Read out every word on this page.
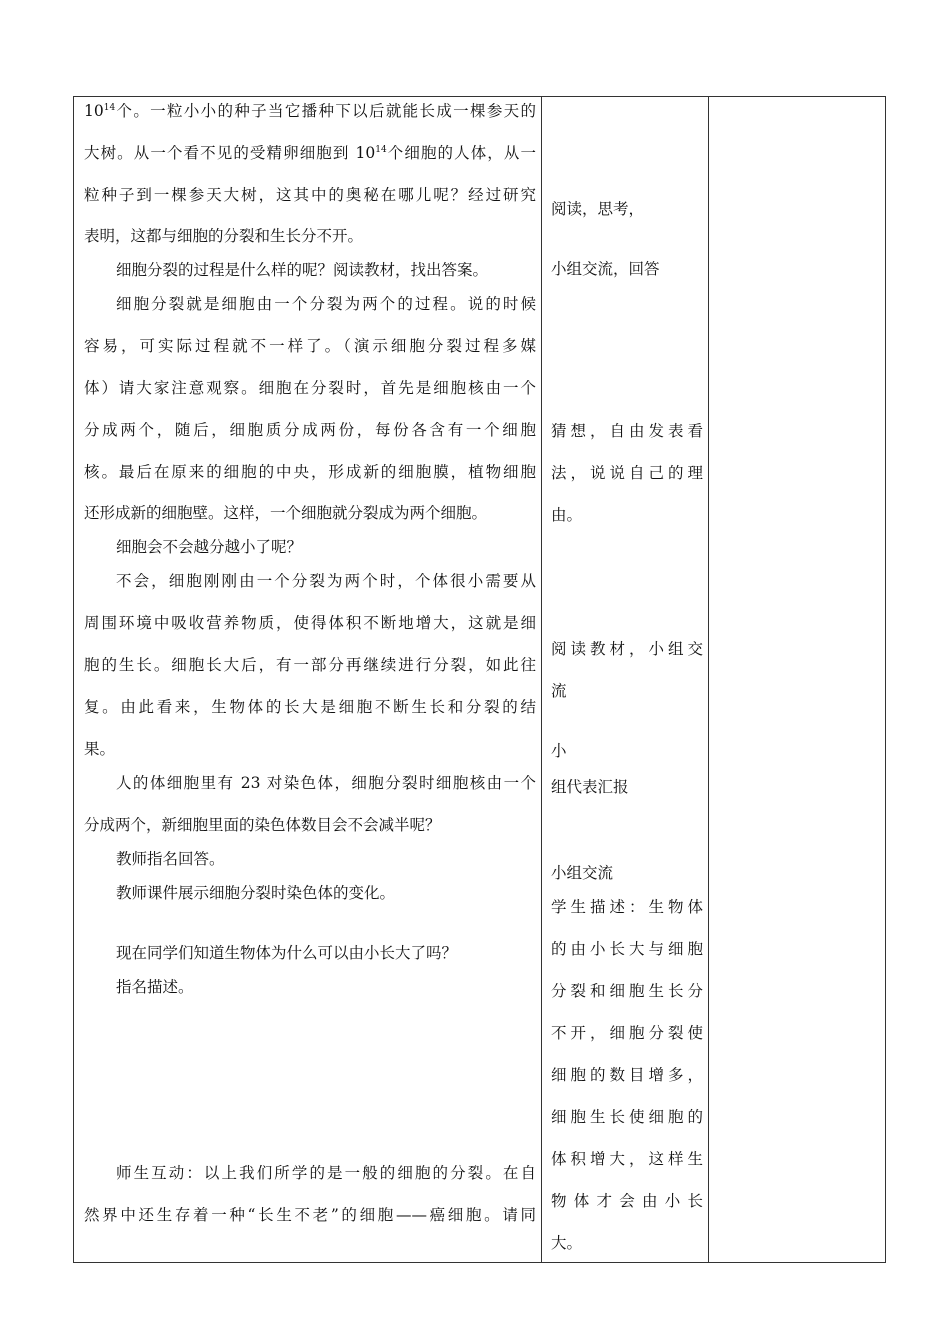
$10^{14}$个。一粒小小的种子当它播种下以后就能长成一棵参天的
大树。从一个看不见的受精卵细胞到 $10^{14}$个细胞的人体，从一
粒种子到一棵参天大树，这其中的奥秘在哪儿呢？经过研究
表明，这都与细胞的分裂和生长分不开。
细胞分裂的过程是什么样的呢？阅读教材，找出答案。
细胞分裂就是细胞由一个分裂为两个的过程。说的时候
容易，可实际过程就不一样了。（演示细胞分裂过程多媒
体）请大家注意观察。细胞在分裂时，首先是细胞核由一个
分成两个，随后，细胞质分成两份，每份各含有一个细胞
核。最后在原来的细胞的中央，形成新的细胞膜，植物细胞
还形成新的细胞壁。这样，一个细胞就分裂成为两个细胞。
细胞会不会越分越小了呢？
不会，细胞刚刚由一个分裂为两个时，个体很小需要从
周围环境中吸收营养物质，使得体积不断地增大，这就是细
胞的生长。细胞长大后，有一部分再继续进行分裂，如此往
复。由此看来，生物体的长大是细胞不断生长和分裂的结
果。
人的体细胞里有 23 对染色体，细胞分裂时细胞核由一个
分成两个，新细胞里面的染色体数目会不会减半呢？
教师指名回答。
教师课件展示细胞分裂时染色体的变化。
现在同学们知道生物体为什么可以由小长大了吗？
指名描述。
师生互动：以上我们所学的是一般的细胞的分裂。在自
然界中还生存着一种“长生不老”的细胞——癌细胞。请同
阅读，思考，
小组交流，回答
猜想，自由发表看
法，说说自己的理
由。
阅读教材，小组交
流
小
组代表汇报
小组交流
学生描述：生物体
的由小长大与细胞
分裂和细胞生长分
不开，细胞分裂使
细胞的数目增多，
细胞生长使细胞的
体积增大，这样生
物体才会由小长
大。
